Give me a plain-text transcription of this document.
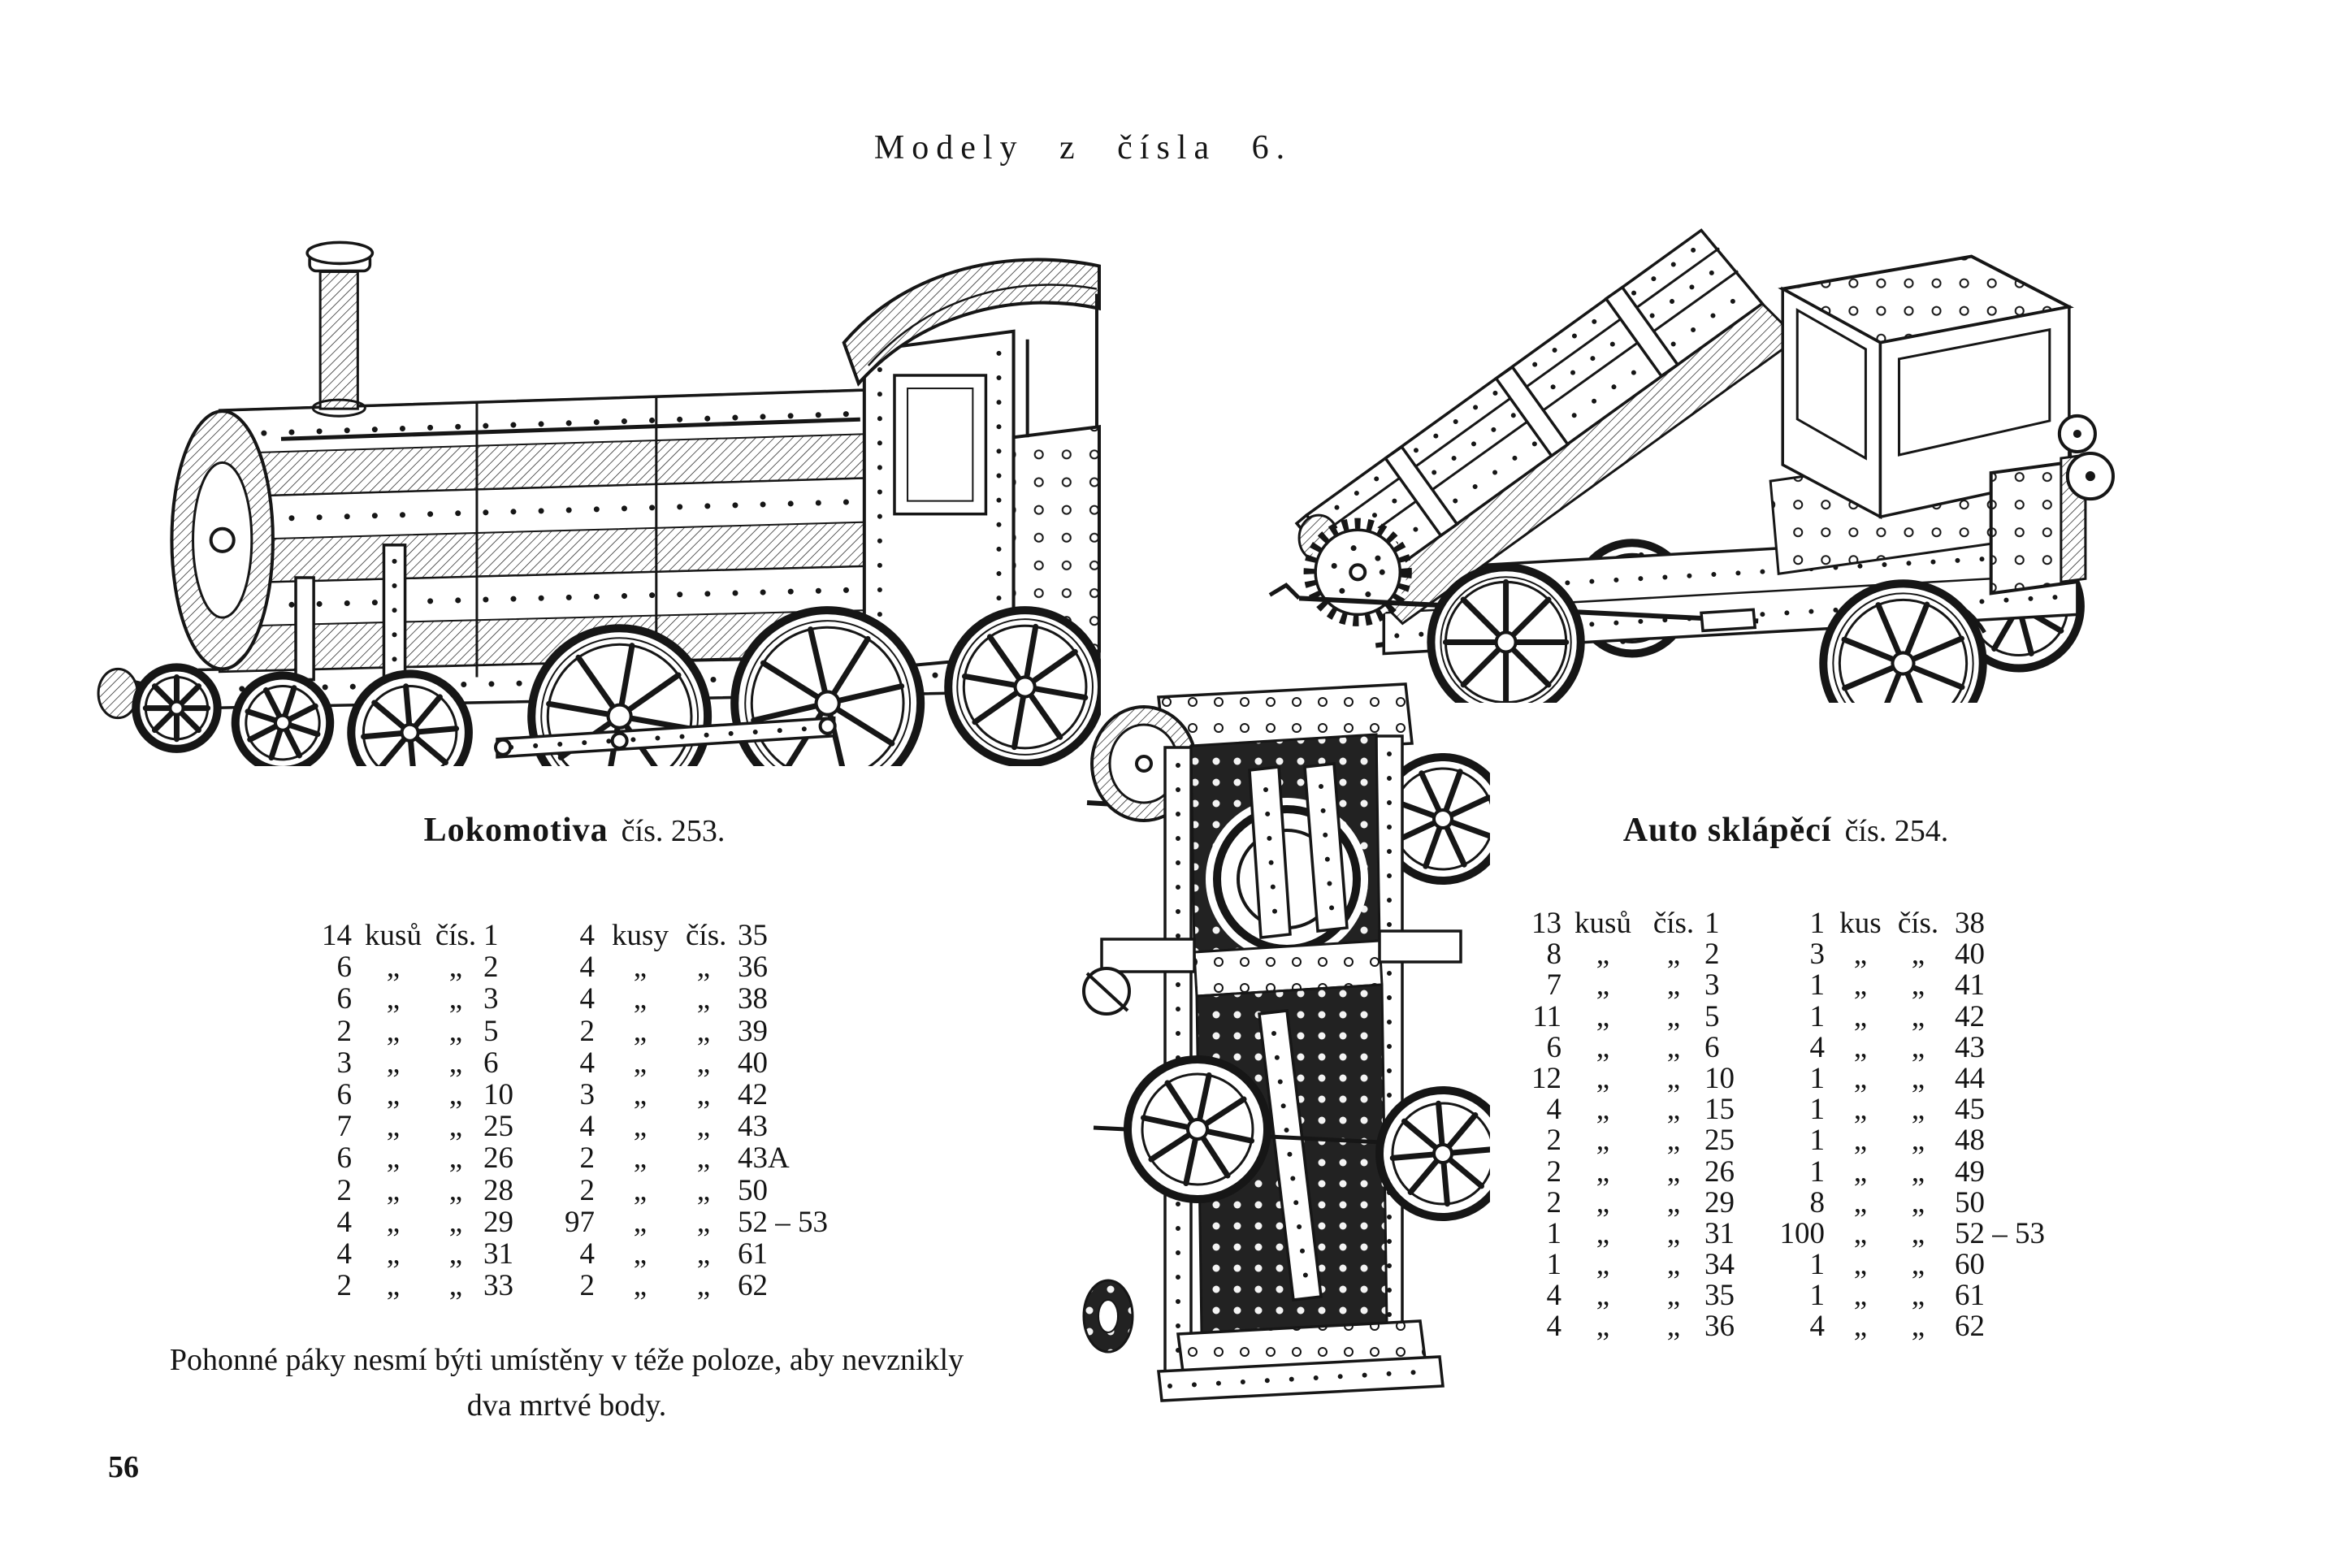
Modely z čísla 6.
Lokomotiva čís. 253.	Auto sklápěcí čís. 254.
14 kusů čís. 1	4 kusy čís. 35
6	„	„ 2	4	„	„ 36
6	„	„ 3	4	„	„ 38
2	„	„ 5	2	„	„ 39
3	„	„ 6	4	„	„ 40
6	„	„ 10	3	„	„ 42
7	„	„ 25	4	„	„ 43
6	„	„ 26	2	„	„ 43A
2	„	„ 28	2	„	„ 50
4	„	„ 29	97	„	„ 52 – 53
4	„	„ 31	4	„	„ 61
2	„	„ 33	2	„	„ 62
13 kusů čís. 1	1 kus čís. 38
8	„	„ 2	3 „	„ 40
7	„	„ 3	1 „	„ 41
11	„	„ 5	1 „	„ 42
6	„	„ 6	4 „	„ 43
12	„	„ 10	1 „	„ 44
4	„	„ 15	1 „	„ 45
2	„	„ 25	1 „	„ 48
2	„	„ 26	1 „	„ 49
2	„	„ 29	8 „	„ 50
1	„	„ 31	100 „	„ 52 – 53
1	„	„ 34	1 „	„ 60
4	„	„ 35	1 „	„ 61
4	„	„ 36	4 „	„ 62

Pohonné páky nesmí býti umístěny v téže poloze, aby nevznikly
dva mrtvé body.

56
